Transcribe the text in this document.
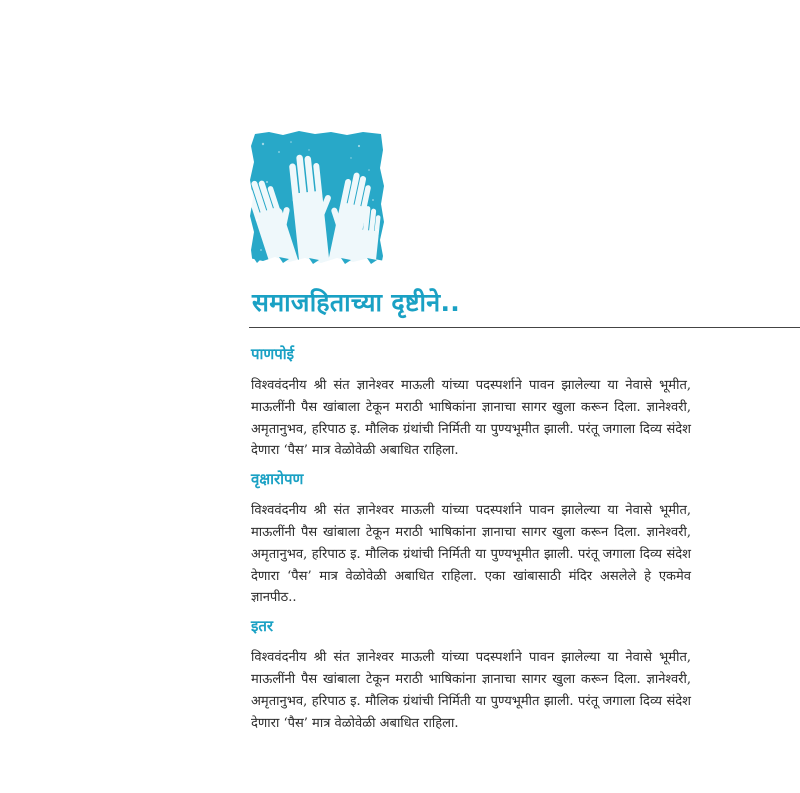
समाजहिताच्या दृष्टीने..
पाणपोई

विश्ववंदनीय श्री संत ज्ञानेश्वर माऊली यांच्या पदस्पर्शाने पावन झालेल्या या नेवासे भूमीत, माऊलींनी पैस खांबाला टेकून मराठी भाषिकांना ज्ञानाचा सागर खुला करून दिला. ज्ञानेश्वरी, अमृतानुभव, हरिपाठ इ. मौलिक ग्रंथांची निर्मिती या पुण्यभूमीत झाली. परंतू जगाला दिव्य संदेश देणारा ‘पैस’ मात्र वेळोवेळी अबाधित राहिला.

वृक्षारोपण

विश्ववंदनीय श्री संत ज्ञानेश्वर माऊली यांच्या पदस्पर्शाने पावन झालेल्या या नेवासे भूमीत, माऊलींनी पैस खांबाला टेकून मराठी भाषिकांना ज्ञानाचा सागर खुला करून दिला. ज्ञानेश्वरी, अमृतानुभव, हरिपाठ इ. मौलिक ग्रंथांची निर्मिती या पुण्यभूमीत झाली. परंतू जगाला दिव्य संदेश देणारा ‘पैस’ मात्र वेळोवेळी अबाधित राहिला. एका खांबासाठी मंदिर असलेले हे एकमेव ज्ञानपीठ..

इतर

विश्ववंदनीय श्री संत ज्ञानेश्वर माऊली यांच्या पदस्पर्शाने पावन झालेल्या या नेवासे भूमीत, माऊलींनी पैस खांबाला टेकून मराठी भाषिकांना ज्ञानाचा सागर खुला करून दिला. ज्ञानेश्वरी, अमृतानुभव, हरिपाठ इ. मौलिक ग्रंथांची निर्मिती या पुण्यभूमीत झाली. परंतू जगाला दिव्य संदेश देणारा ‘पैस’ मात्र वेळोवेळी अबाधित राहिला.
